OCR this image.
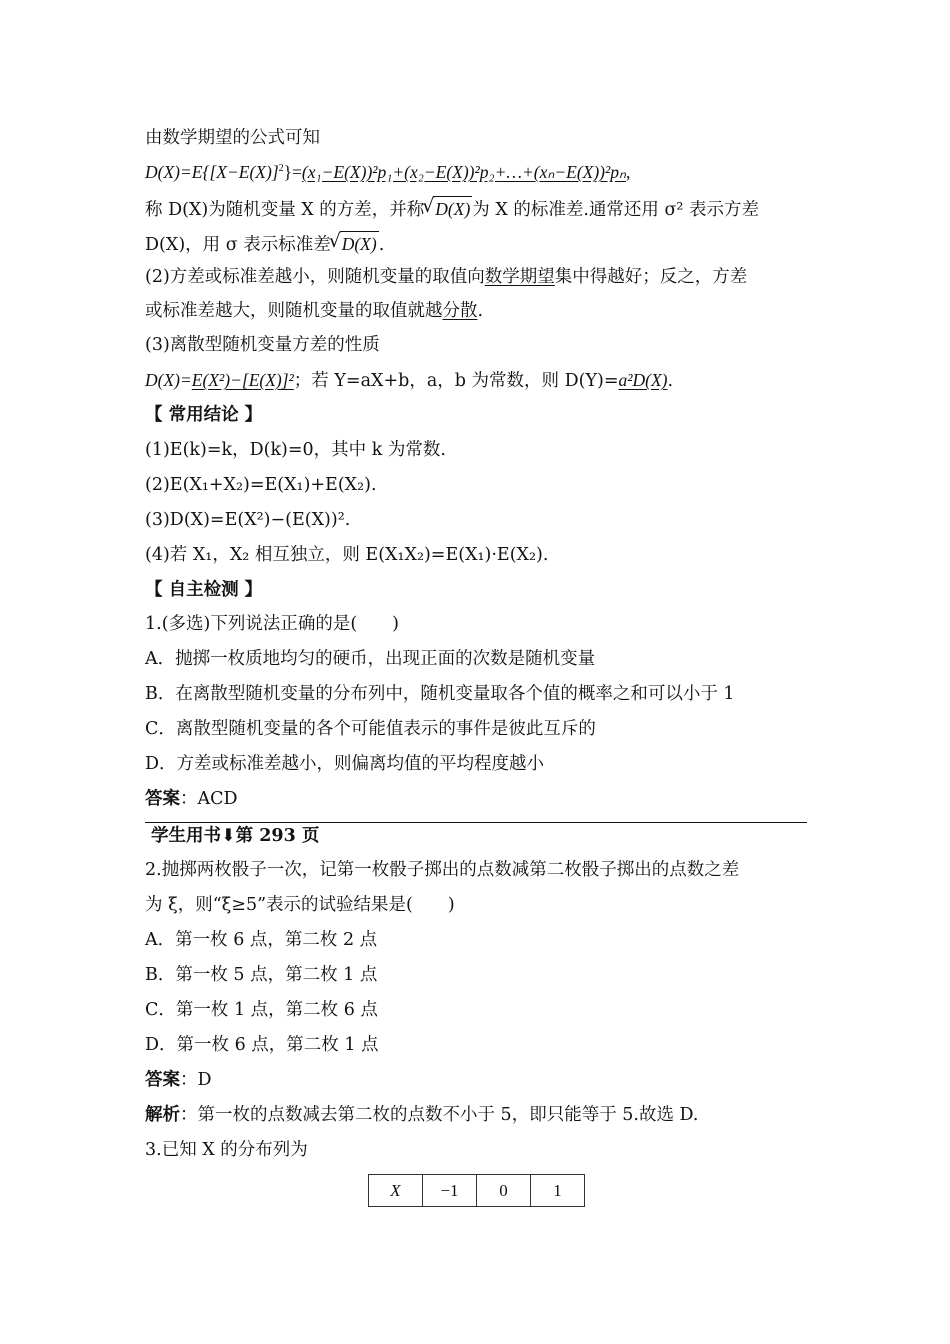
由数学期望的公式可知
$D(X)=E\{[X-E(X)]^2\}=(x_1-E(X))^2p_1+(x_2-E(X))^2p_2+\dots+(x_n-E(X))^2p_n$,
称 D(X)为随机变量 X 的方差，并称 √ D(X) 为 X 的标准差.通常还用 σ² 表示方差
D(X)，用 σ 表示标准差 √ D(X) .
(2)方差或标准差越小，则随机变量的取值向数学期望集中得越好；反之，方差
或标准差越大，则随机变量的取值就越分散.
(3)离散型随机变量方差的性质
D(X)=E(X²)−[E(X)]²；若 Y=aX+b，a，b 为常数，则 D(Y)=a²D(X).
【 常用结论 】
(1)E(k)=k，D(k)=0，其中 k 为常数.
(2)E(X₁+X₂)=E(X₁)+E(X₂).
(3)D(X)=E(X²)−(E(X))².
(4)若 X₁，X₂ 相互独立，则 E(X₁X₂)=E(X₁)·E(X₂).
【 自主检测 】
1.(多选)下列说法正确的是(　　)
A．抛掷一枚质地均匀的硬币，出现正面的次数是随机变量
B．在离散型随机变量的分布列中，随机变量取各个值的概率之和可以小于 1
C．离散型随机变量的各个可能值表示的事件是彼此互斥的
D．方差或标准差越小，则偏离均值的平均程度越小
答案：ACD
学生用书⬇第 293 页
2.抛掷两枚骰子一次，记第一枚骰子掷出的点数减第二枚骰子掷出的点数之差
为 ξ，则“ξ≥5”表示的试验结果是(　　)
A．第一枚 6 点，第二枚 2 点
B．第一枚 5 点，第二枚 1 点
C．第一枚 1 点，第二枚 6 点
D．第一枚 6 点，第二枚 1 点
答案：D
解析：第一枚的点数减去第二枚的点数不小于 5，即只能等于 5.故选 D.
3.已知 X 的分布列为
X	−1	0	1
